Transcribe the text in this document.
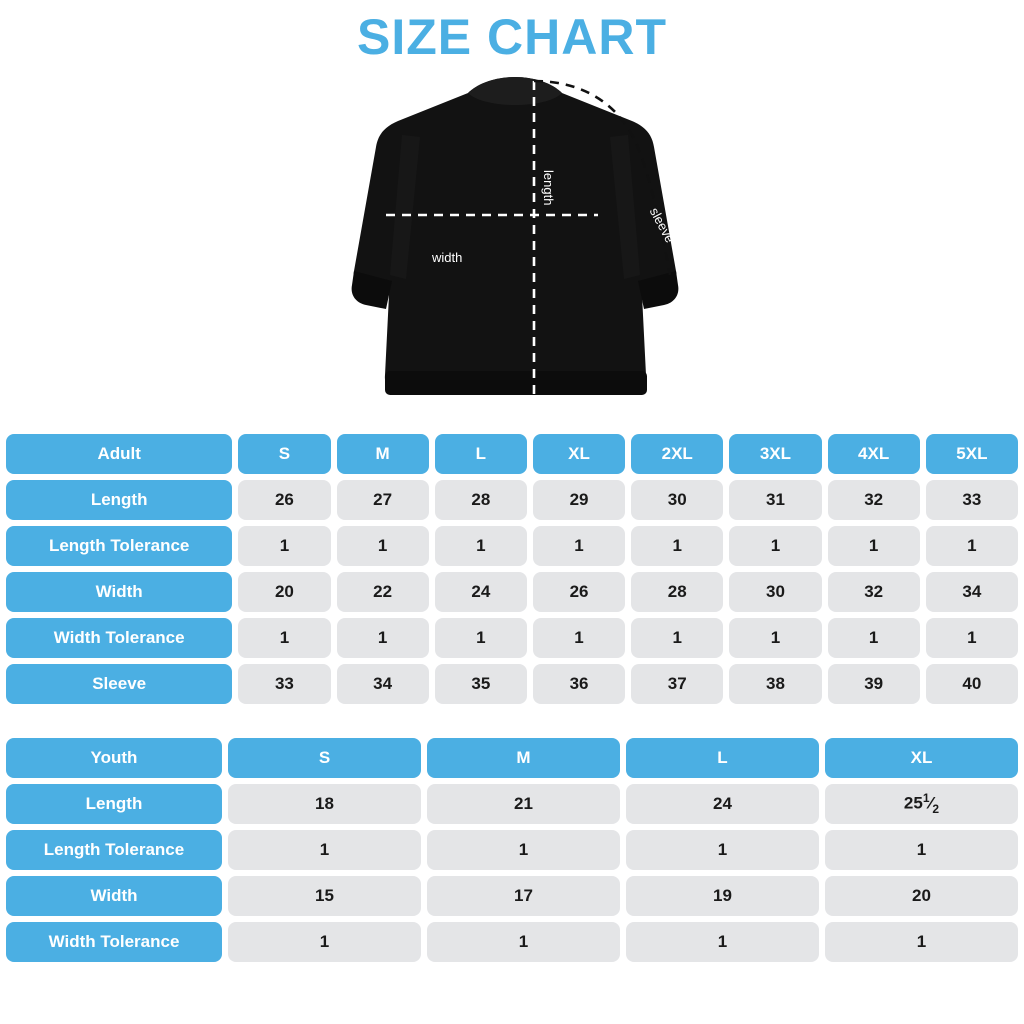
SIZE CHART
width
length
sleeve
Adult	S	M	L	XL	2XL	3XL	4XL	5XL
Length	26	27	28	29	30	31	32	33
Length Tolerance	1	1	1	1	1	1	1	1
Width	20	22	24	26	28	30	32	34
Width Tolerance	1	1	1	1	1	1	1	1
Sleeve	33	34	35	36	37	38	39	40
Youth	S	M	L	XL
Length	18	21	24	$25^1⁄_2$
Length Tolerance	1	1	1	1
Width	15	17	19	20
Width Tolerance	1	1	1	1
